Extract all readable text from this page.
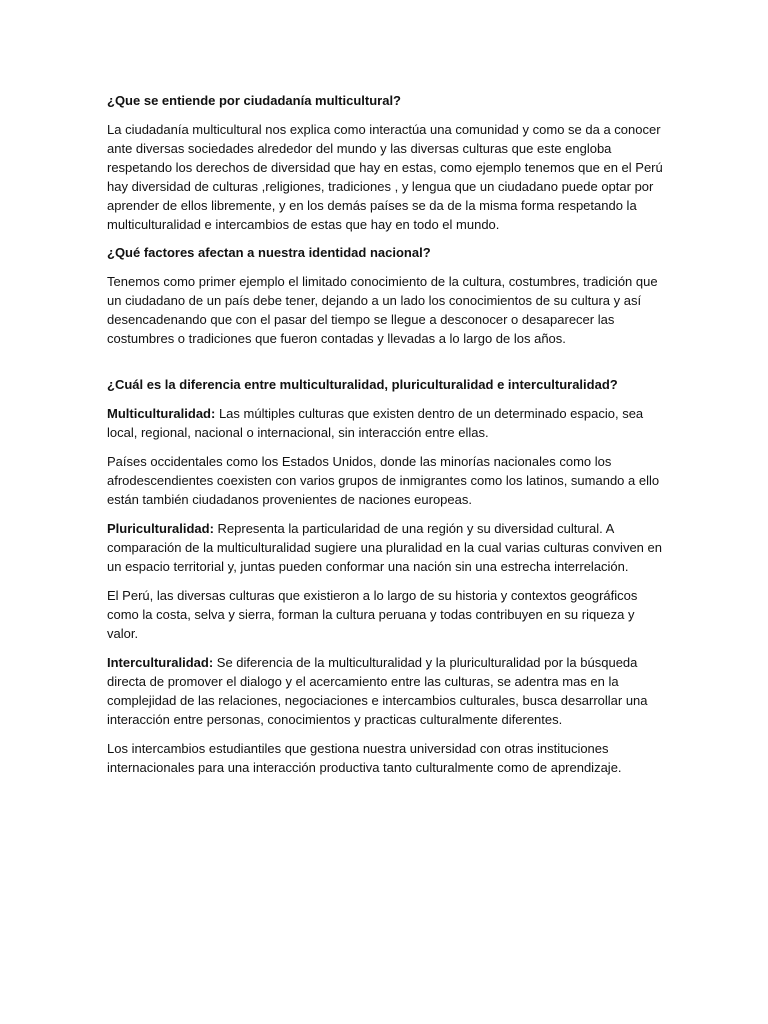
¿Que se entiende por ciudadanía multicultural?

La ciudadanía multicultural nos explica como interactúa una comunidad y como se da a conocer ante diversas sociedades alrededor del mundo y las diversas culturas que este engloba respetando los derechos de diversidad que hay en estas, como ejemplo tenemos que en el Perú hay diversidad de culturas ,religiones, tradiciones , y lengua que un ciudadano puede optar por aprender de ellos libremente, y en los demás países se da de la misma forma respetando la multiculturalidad e intercambios de estas que hay en todo el mundo.

¿Qué factores afectan a nuestra identidad nacional?

Tenemos como primer ejemplo el limitado conocimiento de la cultura, costumbres, tradición que un ciudadano de un país debe tener, dejando a un lado los conocimientos de su cultura y así desencadenando que con el pasar del tiempo se llegue a desconocer o desaparecer las costumbres o tradiciones que fueron contadas y llevadas a lo largo de los años.

¿Cuál es la diferencia entre multiculturalidad, pluriculturalidad e interculturalidad?

Multiculturalidad: Las múltiples culturas que existen dentro de un determinado espacio, sea local, regional, nacional o internacional, sin interacción entre ellas.

Países occidentales como los Estados Unidos, donde las minorías nacionales como los afrodescendientes coexisten con varios grupos de inmigrantes como los latinos, sumando a ello están también ciudadanos provenientes de naciones europeas.

Pluriculturalidad: Representa la particularidad de una región y su diversidad cultural. A comparación de la multiculturalidad sugiere una pluralidad en la cual varias culturas conviven en un espacio territorial y, juntas pueden conformar una nación sin una estrecha interrelación.

El Perú, las diversas culturas que existieron a lo largo de su historia y contextos geográficos como la costa, selva y sierra, forman la cultura peruana y todas contribuyen en su riqueza y valor.

Interculturalidad: Se diferencia de la multiculturalidad y la pluriculturalidad por la búsqueda directa de promover el dialogo y el acercamiento entre las culturas, se adentra mas en la complejidad de las relaciones, negociaciones e intercambios culturales, busca desarrollar una interacción entre personas, conocimientos y practicas culturalmente diferentes.

Los intercambios estudiantiles que gestiona nuestra universidad con otras instituciones internacionales para una interacción productiva tanto culturalmente como de aprendizaje.
